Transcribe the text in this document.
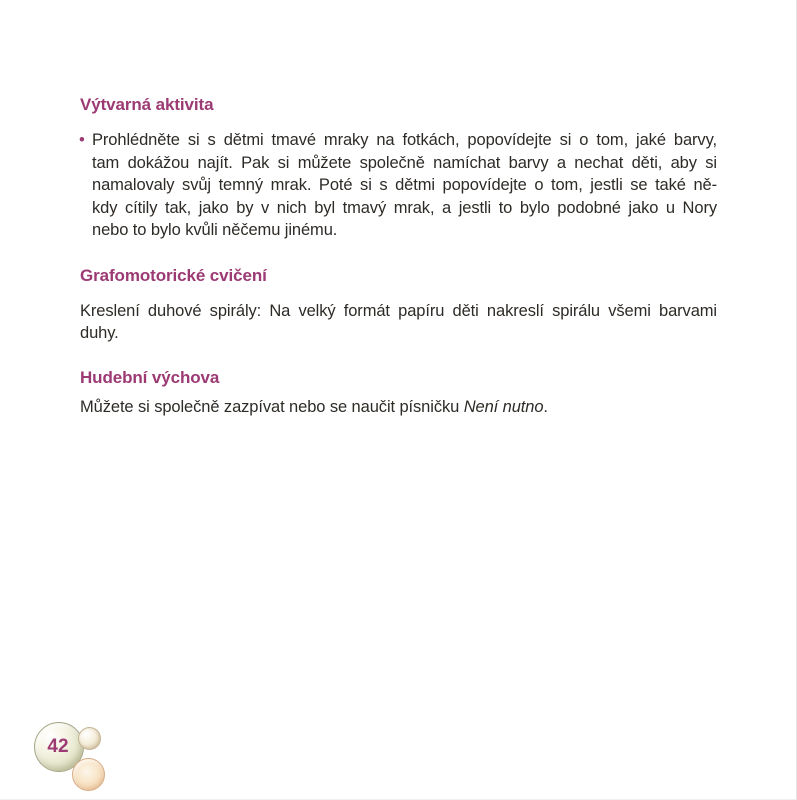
Výtvarná aktivita
• Prohlédněte si s dětmi tmavé mraky na fotkách, popovídejte si o tom, jaké barvy,
tam dokážou najít. Pak si můžete společně namíchat barvy a nechat děti, aby si
namalovaly svůj temný mrak. Poté si s dětmi popovídejte o tom, jestli se také ně-
kdy cítily tak, jako by v nich byl tmavý mrak, a jestli to bylo podobné jako u Nory
nebo to bylo kvůli něčemu jinému.
Grafomotorické cvičení
Kreslení duhové spirály: Na velký formát papíru děti nakreslí spirálu všemi barvami
duhy.
Hudební výchova
Můžete si společně zazpívat nebo se naučit písničku Není nutno.
42
